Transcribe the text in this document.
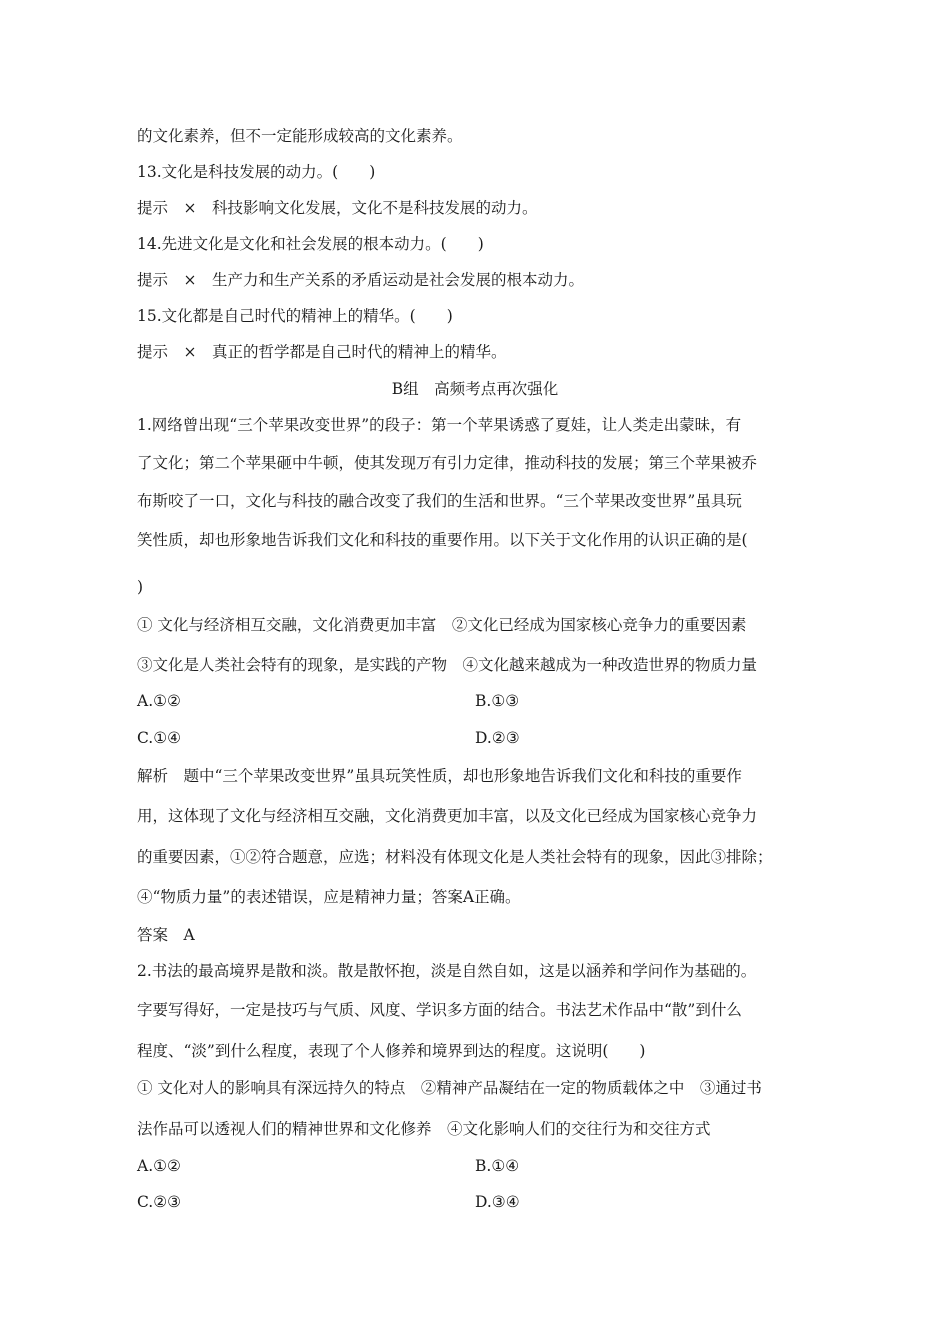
的文化素养，但不一定能形成较高的文化素养。
13.文化是科技发展的动力。(　　)
提示　×　科技影响文化发展，文化不是科技发展的动力。
14.先进文化是文化和社会发展的根本动力。(　　)
提示　×　生产力和生产关系的矛盾运动是社会发展的根本动力。
15.文化都是自己时代的精神上的精华。(　　)
提示　×　真正的哲学都是自己时代的精神上的精华。
B组　高频考点再次强化
1.网络曾出现“三个苹果改变世界”的段子：第一个苹果诱惑了夏娃，让人类走出蒙昧，有
了文化；第二个苹果砸中牛顿，使其发现万有引力定律，推动科技的发展；第三个苹果被乔
布斯咬了一口，文化与科技的融合改变了我们的生活和世界。“三个苹果改变世界”虽具玩
笑性质，却也形象地告诉我们文化和科技的重要作用。以下关于文化作用的认识正确的是(
)
① 文化与经济相互交融，文化消费更加丰富　②文化已经成为国家核心竞争力的重要因素
③文化是人类社会特有的现象，是实践的产物　④文化越来越成为一种改造世界的物质力量
A.①②	B.①③
C.①④	D.②③
解析　题中“三个苹果改变世界”虽具玩笑性质，却也形象地告诉我们文化和科技的重要作
用，这体现了文化与经济相互交融，文化消费更加丰富，以及文化已经成为国家核心竞争力
的重要因素，①②符合题意，应选；材料没有体现文化是人类社会特有的现象，因此③排除；
④“物质力量”的表述错误，应是精神力量；答案A正确。
答案　A
2.书法的最高境界是散和淡。散是散怀抱，淡是自然自如，这是以涵养和学问作为基础的。
字要写得好，一定是技巧与气质、风度、学识多方面的结合。书法艺术作品中“散”到什么
程度、“淡”到什么程度，表现了个人修养和境界到达的程度。这说明(　　)
① 文化对人的影响具有深远持久的特点　②精神产品凝结在一定的物质载体之中　③通过书
法作品可以透视人们的精神世界和文化修养　④文化影响人们的交往行为和交往方式
A.①②	B.①④
C.②③	D.③④
